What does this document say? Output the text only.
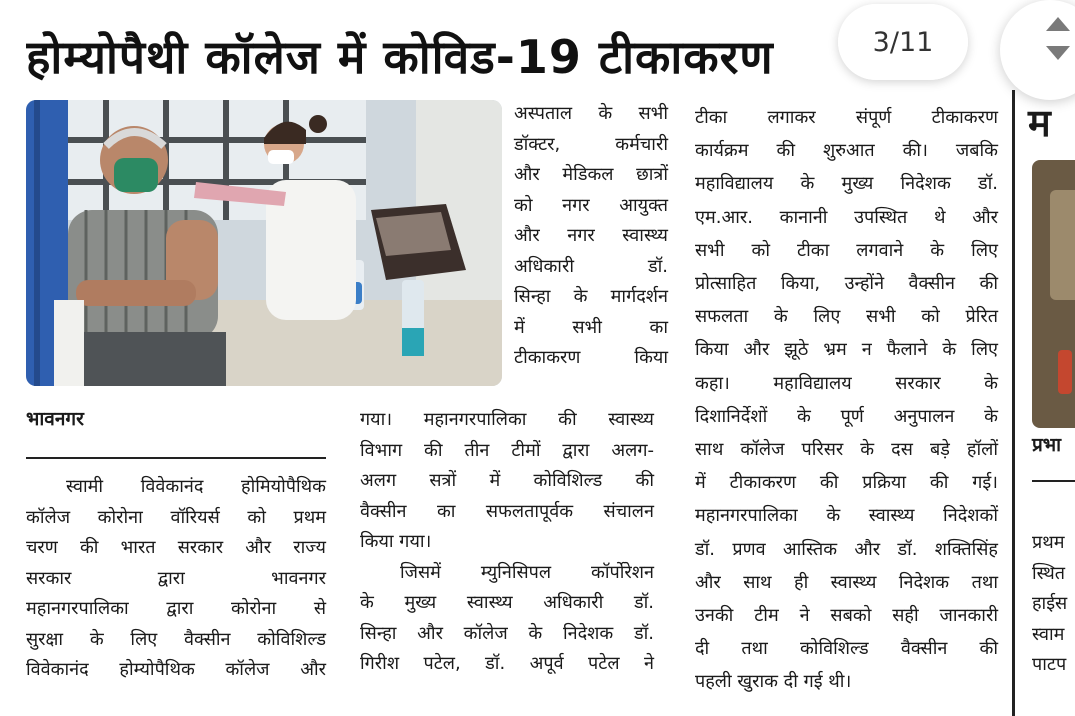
होम्योपैथी कॉलेज में कोविड-19 टीकाकरण
अस्पताल के सभी
डॉक्टर, कर्मचारी
और मेडिकल छात्रों
को नगर आयुक्त
और नगर स्वास्थ्य
अधिकारी डॉ.
सिन्हा के मार्गदर्शन
में सभी का
टीकाकरण किया
भावनगर
स्वामी विवेकानंद होमियोपैथिक
कॉलेज कोरोना वॉरियर्स को प्रथम
चरण की भारत सरकार और राज्य
सरकार द्वारा भावनगर
महानगरपालिका द्वारा कोरोना से
सुरक्षा के लिए वैक्सीन कोविशिल्ड
विवेकानंद होम्योपैथिक कॉलेज और
गया। महानगरपालिका की स्वास्थ्य
विभाग की तीन टीमों द्वारा अलग-
अलग सत्रों में कोविशिल्ड की
वैक्सीन का सफलतापूर्वक संचालन
किया गया।
जिसमें म्युनिसिपल कॉर्पोरेशन
के मुख्य स्वास्थ्य अधिकारी डॉ.
सिन्हा और कॉलेज के निदेशक डॉ.
गिरीश पटेल, डॉ. अपूर्व पटेल ने
टीका लगाकर संपूर्ण टीकाकरण
कार्यक्रम की शुरुआत की। जबकि
महाविद्यालय के मुख्य निदेशक डॉ.
एम.आर. कानानी उपस्थित थे और
सभी को टीका लगवाने के लिए
प्रोत्साहित किया, उन्होंने वैक्सीन की
सफलता के लिए सभी को प्रेरित
किया और झूठे भ्रम न फैलाने के लिए
कहा। महाविद्यालय सरकार के
दिशानिर्देशों के पूर्ण अनुपालन के
साथ कॉलेज परिसर के दस बड़े हॉलों
में टीकाकरण की प्रक्रिया की गई।
महानगरपालिका के स्वास्थ्य निदेशकों
डॉ. प्रणव आस्तिक और डॉ. शक्तिसिंह
और साथ ही स्वास्थ्य निदेशक तथा
उनकी टीम ने सबको सही जानकारी
दी तथा कोविशिल्ड वैक्सीन की
पहली खुराक दी गई थी।
म
प्रभा
प्रथम
स्थित
हाईस
स्वाम
पाटप
3/11
